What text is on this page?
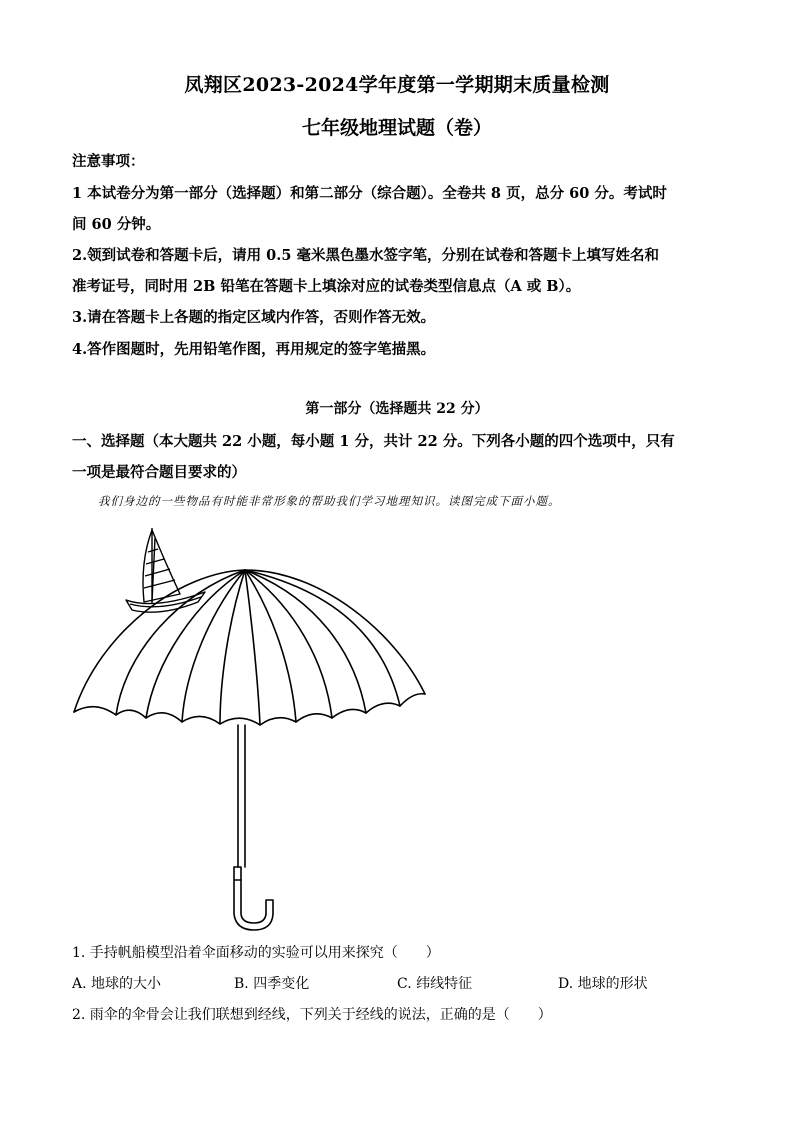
凤翔区2023-2024学年度第一学期期末质量检测
七年级地理试题（卷）
注意事项：
1 本试卷分为第一部分（选择题）和第二部分（综合题）。全卷共 8 页，总分 60 分。考试时
间 60 分钟。
2.领到试卷和答题卡后，请用 0.5 毫米黑色墨水签字笔，分别在试卷和答题卡上填写姓名和
准考证号，同时用 2B 铅笔在答题卡上填涂对应的试卷类型信息点（A 或 B）。
3.请在答题卡上各题的指定区域内作答，否则作答无效。
4.答作图题时，先用铅笔作图，再用规定的签字笔描黑。
第一部分（选择题共 22 分）
一、选择题（本大题共 22 小题，每小题 1 分，共计 22 分。下列各小题的四个选项中，只有
一项是最符合题目要求的）
我们身边的一些物品有时能非常形象的帮助我们学习地理知识。读图完成下面小题。
1. 手持帆船模型沿着伞面移动的实验可以用来探究（　　）
A. 地球的大小	B. 四季变化	C. 纬线特征	D. 地球的形状
2. 雨伞的伞骨会让我们联想到经线，下列关于经线的说法，正确的是（　　）
